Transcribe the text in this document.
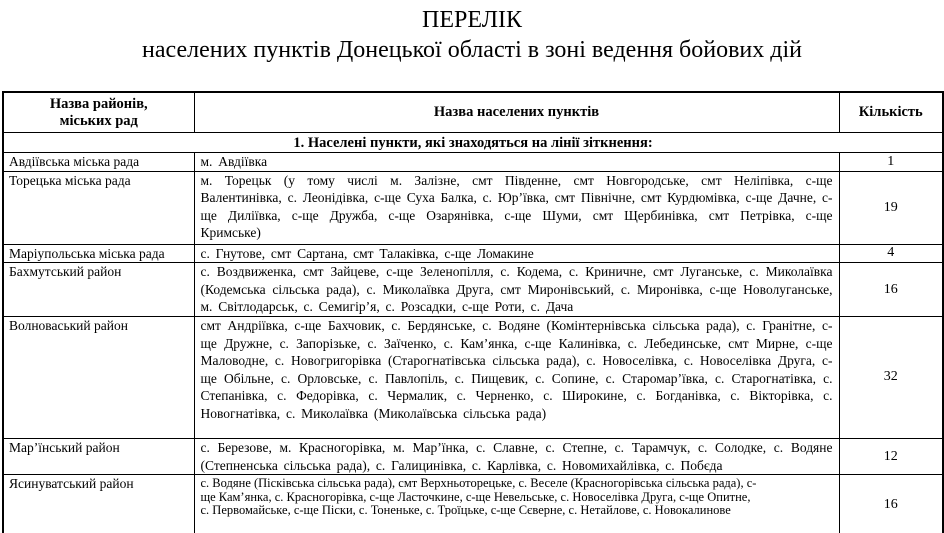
ПЕРЕЛІК
населених пунктів Донецької області в зоні ведення бойових дій
Назва районів,
міських рад	Назва населених пунктів	Кількість
1. Населені пункти, які знаходяться на лінії зіткнення:		
Авдіївська міська рада	м. Авдіївка	1
Торецька міська рада	м. Торецьк (у тому числі м. Залізне, смт Південне, смт Новгородське, смт Неліпівка, с-ще Валентинівка, с. Леонідівка, с-ще Суха Балка, с. Юр’ївка, смт Північне, смт Курдюмівка, с-ще Дачне, с-ще Диліївка, с-ще Дружба, с-ще Озарянівка, с-ще Шуми, смт Щербинівка, смт Петрівка, с-ще Кримське)	19
Маріупольська міська рада	с. Гнутове, смт Сартана, смт Талаківка, с-ще Ломакине	4
Бахмутський район	с. Воздвиженка, смт Зайцеве, с-ще Зеленопілля, с. Кодема, с. Криничне, смт Луганське, с. Миколаївка (Кодемська сільська рада), с. Миколаївка Друга, смт Миронівський, с. Миронівка, с-ще Новолуганське, м. Світлодарськ, с. Семигір’я, с. Розсадки, с-ще Роти, с. Дача	16
Волноваський район	смт Андріївка, с-ще Бахчовик, с. Бердянське, с. Водяне (Комінтернівська сільська рада), с. Гранітне, с-ще Дружне, с. Запорізьке, с. Заїченко, с. Кам’янка, с-ще Калинівка, с. Лебединське, смт Мирне, с-ще Маловодне, с. Новогригорівка (Старогнатівська сільська рада), с. Новоселівка, с. Новоселівка Друга, с-ще Обільне, с. Орловське, с. Павлопіль, с. Пищевик, с. Сопине, с. Старомар’ївка, с. Старогнатівка, с. Степанівка, с. Федорівка, с. Чермалик, с. Черненко, с. Широкине, с. Богданівка, с. Вікторівка, с. Новогнатівка, с. Миколаївка (Миколаївська сільська рада)	32
Мар’їнський район	с. Березове, м. Красногорівка, м. Мар’їнка, с. Славне, с. Степне, с. Тарамчук, с. Солодке, с. Водяне (Степненська сільська рада), с. Галицинівка, с. Карлівка, с. Новомихайлівка, с. Побєда	12
Ясинуватський район	с. Водяне (Пісківська сільська рада), смт Верхньоторецьке, с. Веселе (Красногорівська сільська рада), с-ще Кам’янка, с. Красногорівка, с-ще Ласточкине, с-ще Невельське, с. Новоселівка Друга, с-ще Опитне, с. Первомайське, с-ще Піски, с. Тоненьке, с. Троїцьке, с-ще Сєверне, с. Нетайлове, с. Новокалинове	16
